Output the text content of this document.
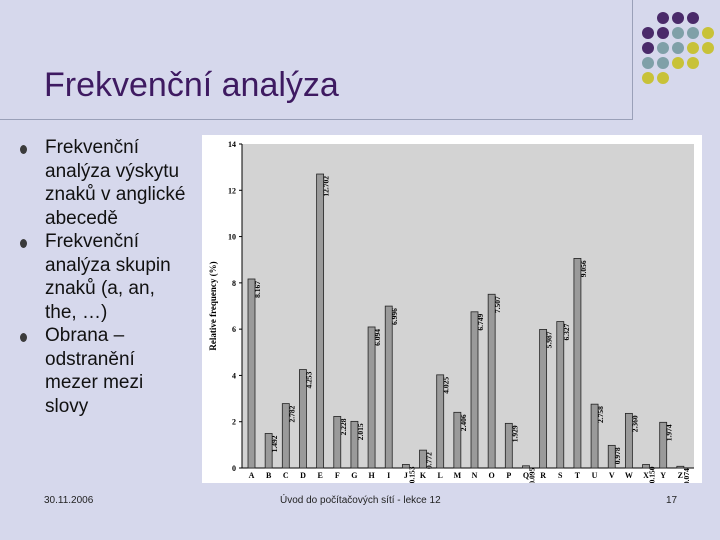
Frekvenční analýza
Frekvenční analýza výskytu znaků v anglické abecedě
Frekvenční analýza skupin znaků (a, an, the, …)
Obrana – odstranění mezer mezi slovy
0
2
4
6
8
10
12
14
Relative frequency (%)
A
8.167
B
1.492
C
2.782
D
4.253
E
12.702
F
2.228
G
2.015
H
6.094
I
6.996
J 0.153 K
0.772
L
4.025
M
2.406
N
6.749
O
7.507
P
1.929
Q
0.095 R
5.987
S
6.327
T
9.056
U
2.758
V
0.978
W
2.360
X
0.150 Y
1.974
Z
0.074
30.11.2006	Úvod do počítačových sítí - lekce 12	17
